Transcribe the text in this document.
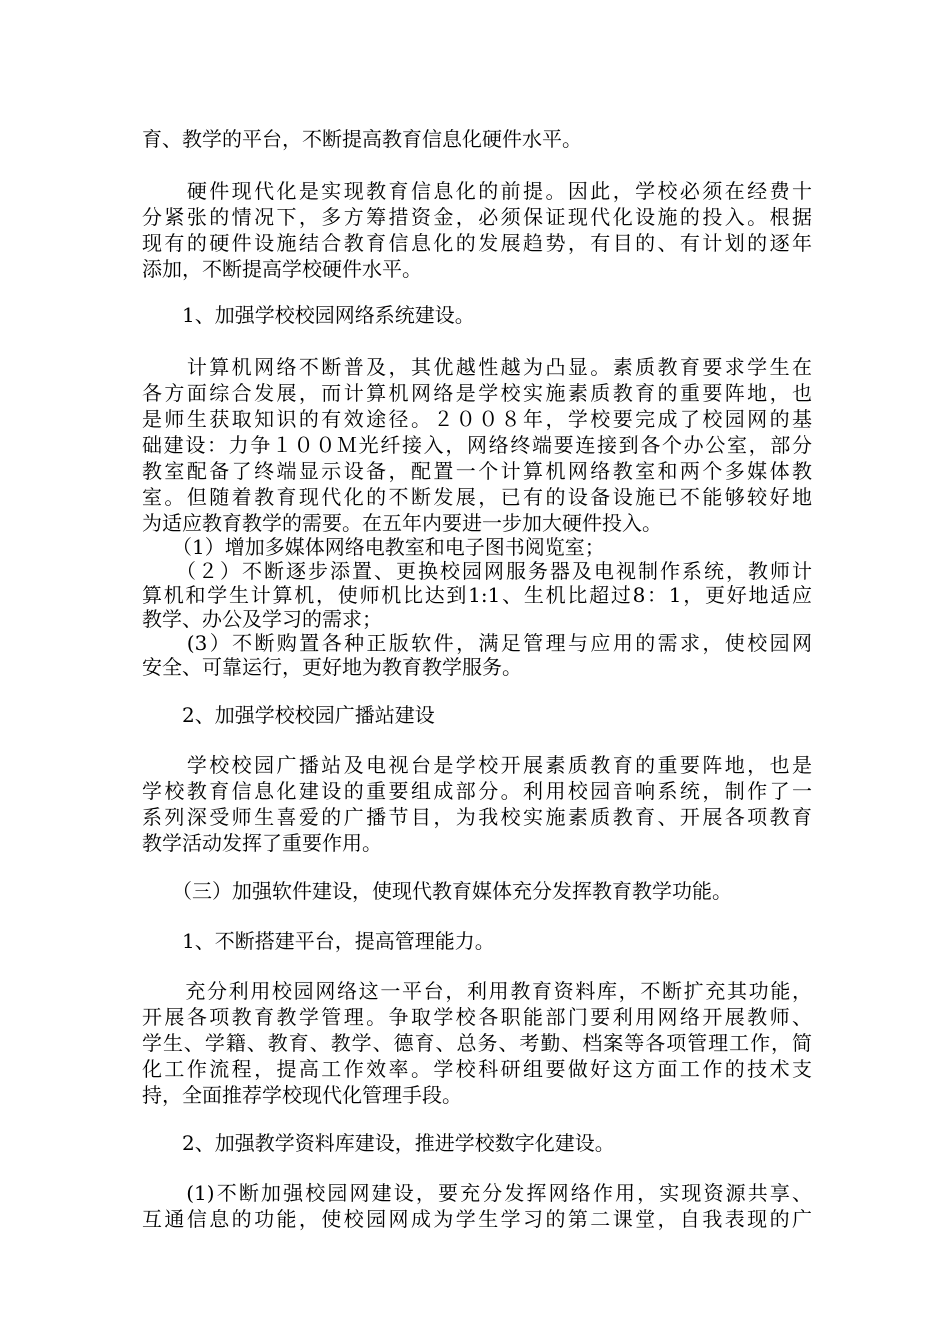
育、教学的平台，不断提高教育信息化硬件水平。
　　硬件现代化是实现教育信息化的前提。因此，学校必须在经费十
分紧张的情况下，多方筹措资金，必须保证现代化设施的投入。根据
现有的硬件设施结合教育信息化的发展趋势，有目的、有计划的逐年
添加，不断提高学校硬件水平。
　　1、加强学校校园网络系统建设。
　　计算机网络不断普及，其优越性越为凸显。素质教育要求学生在
各方面综合发展，而计算机网络是学校实施素质教育的重要阵地，也
是师生获取知识的有效途径。２００８年，学校要完成了校园网的基
础建设：力争１００Ｍ光纤接入，网络终端要连接到各个办公室，部分
教室配备了终端显示设备，配置一个计算机网络教室和两个多媒体教
室。但随着教育现代化的不断发展，已有的设备设施已不能够较好地
为适应教育教学的需要。在五年内要进一步加大硬件投入。
　　（1）增加多媒体网络电教室和电子图书阅览室；
　　（２）不断逐步添置、更换校园网服务器及电视制作系统，教师计
算机和学生计算机，使师机比达到1:1、生机比超过8：1，更好地适应
教学、办公及学习的需求；
　　(3）不断购置各种正版软件，满足管理与应用的需求，使校园网
安全、可靠运行，更好地为教育教学服务。
　　2、加强学校校园广播站建设
　　学校校园广播站及电视台是学校开展素质教育的重要阵地，也是
学校教育信息化建设的重要组成部分。利用校园音响系统，制作了一
系列深受师生喜爱的广播节目，为我校实施素质教育、开展各项教育
教学活动发挥了重要作用。
　　（三）加强软件建设，使现代教育媒体充分发挥教育教学功能。
　　1、不断搭建平台，提高管理能力。
　　充分利用校园网络这一平台，利用教育资料库，不断扩充其功能，
开展各项教育教学管理。争取学校各职能部门要利用网络开展教师、
学生、学籍、教育、教学、德育、总务、考勤、档案等各项管理工作，简
化工作流程，提高工作效率。学校科研组要做好这方面工作的技术支
持，全面推荐学校现代化管理手段。
　　2、加强教学资料库建设，推进学校数字化建设。
　　(1)不断加强校园网建设，要充分发挥网络作用，实现资源共享、
互通信息的功能，使校园网成为学生学习的第二课堂，自我表现的广
